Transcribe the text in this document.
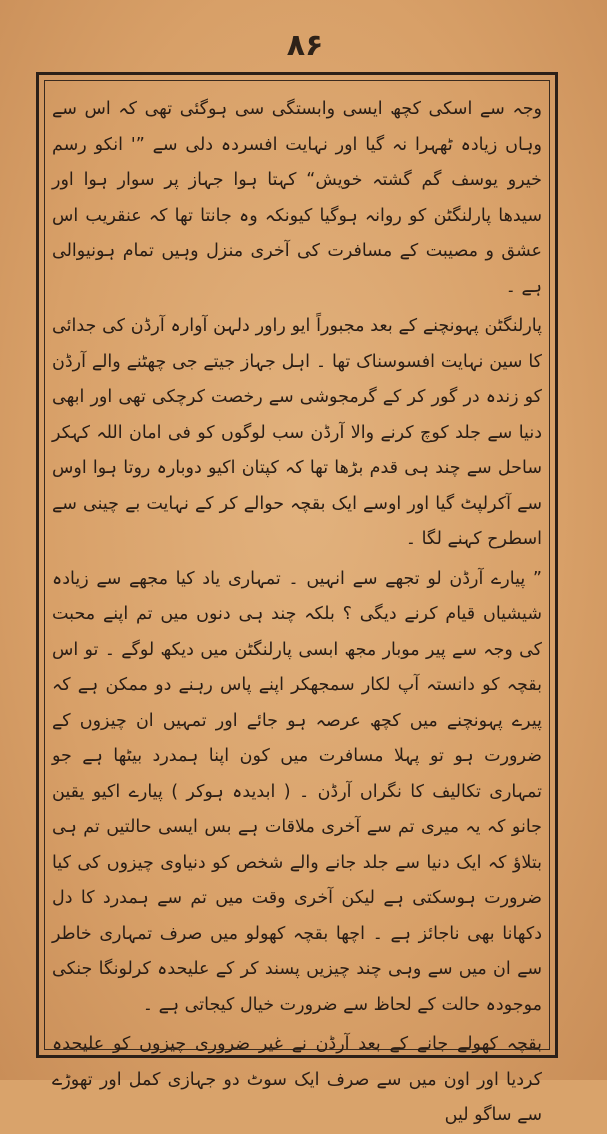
۸۶

وجہ سے اسکی کچھ ایسی وابستگی سی ہوگئی تھی کہ اس سے وہاں زیادہ ٹھہرا نہ گیا اور نہایت افسردہ دلی سے ”' انکو رسم خیرو یوسف گم گشتہ خویش“ کہتا ہوا جہاز پر سوار ہوا اور سیدھا پارلنگٹن کو روانہ ہوگیا کیونکہ وہ جانتا تھا کہ عنقریب اس عشق و مصیبت کے مسافرت کی آخری منزل وہیں تمام ہونیوالی ہے ۔

پارلنگٹن پہونچنے کے بعد مجبوراً ایو راور دلہن آوارہ آرڈن کی جدائی کا سین نہایت افسوسناک تھا ۔ اہل جہاز جیتے جی چھٹنے والے آرڈن کو زندہ در گور کر کے گرمجوشی سے رخصت کرچکی تھی اور ابھی دنیا سے جلد کوچ کرنے والا آرڈن سب لوگوں کو فی امان اللہ کہکر ساحل سے چند ہی قدم بڑھا تھا کہ کپتان اکیو دوبارہ روتا ہوا اوس سے آکرلپٹ گیا اور اوسے ایک بقچہ حوالے کر کے نہایت بے چینی سے اسطرح کہنے لگا ۔

” پیارے آرڈن لو تجھے سے انہیں ۔ تمہاری یاد کیا مجھے سے زیادہ شیشیاں قیام کرنے دیگی ؟ بلکہ چند ہی دنوں میں تم اپنے محبت کی وجہ سے پیر موبار مجھ ابسی پارلنگٹن میں دیکھ لوگے ۔ تو اس بقچہ کو دانستہ آپ لکار سمجھکر اپنے پاس رہنے دو ممکن ہے کہ پیرے پہونچنے میں کچھ عرصہ ہو جائے اور تمہیں ان چیزوں کے ضرورت ہو تو پہلا مسافرت میں کون اپنا ہمدرد بیٹھا ہے جو تمہاری تکالیف کا نگراں آرڈن ۔ ( ابدیدہ ہوکر ) پیارے اکیو یقین جانو کہ یہ میری تم سے آخری ملاقات ہے بس ایسی حالتیں تم ہی بتلاؤ کہ ایک دنیا سے جلد جانے والے شخص کو دنیاوی چیزوں کی کیا ضرورت ہوسکتی ہے لیکن آخری وقت میں تم سے ہمدرد کا دل دکھانا بھی ناجائز ہے ۔ اچھا بقچہ کھولو میں صرف تمہاری خاطر سے ان میں سے وہی چند چیزیں پسند کر کے علیحدہ کرلونگا جنکی موجودہ حالت کے لحاظ سے ضرورت خیال کیجاتی ہے ۔

بقچہ کھولے جانے کے بعد آرڈن نے غیر ضروری چیزوں کو علیحدہ کردیا اور اون میں سے صرف ایک سوٹ دو جہازی کمل اور تھوڑے سے ساگو لیں
